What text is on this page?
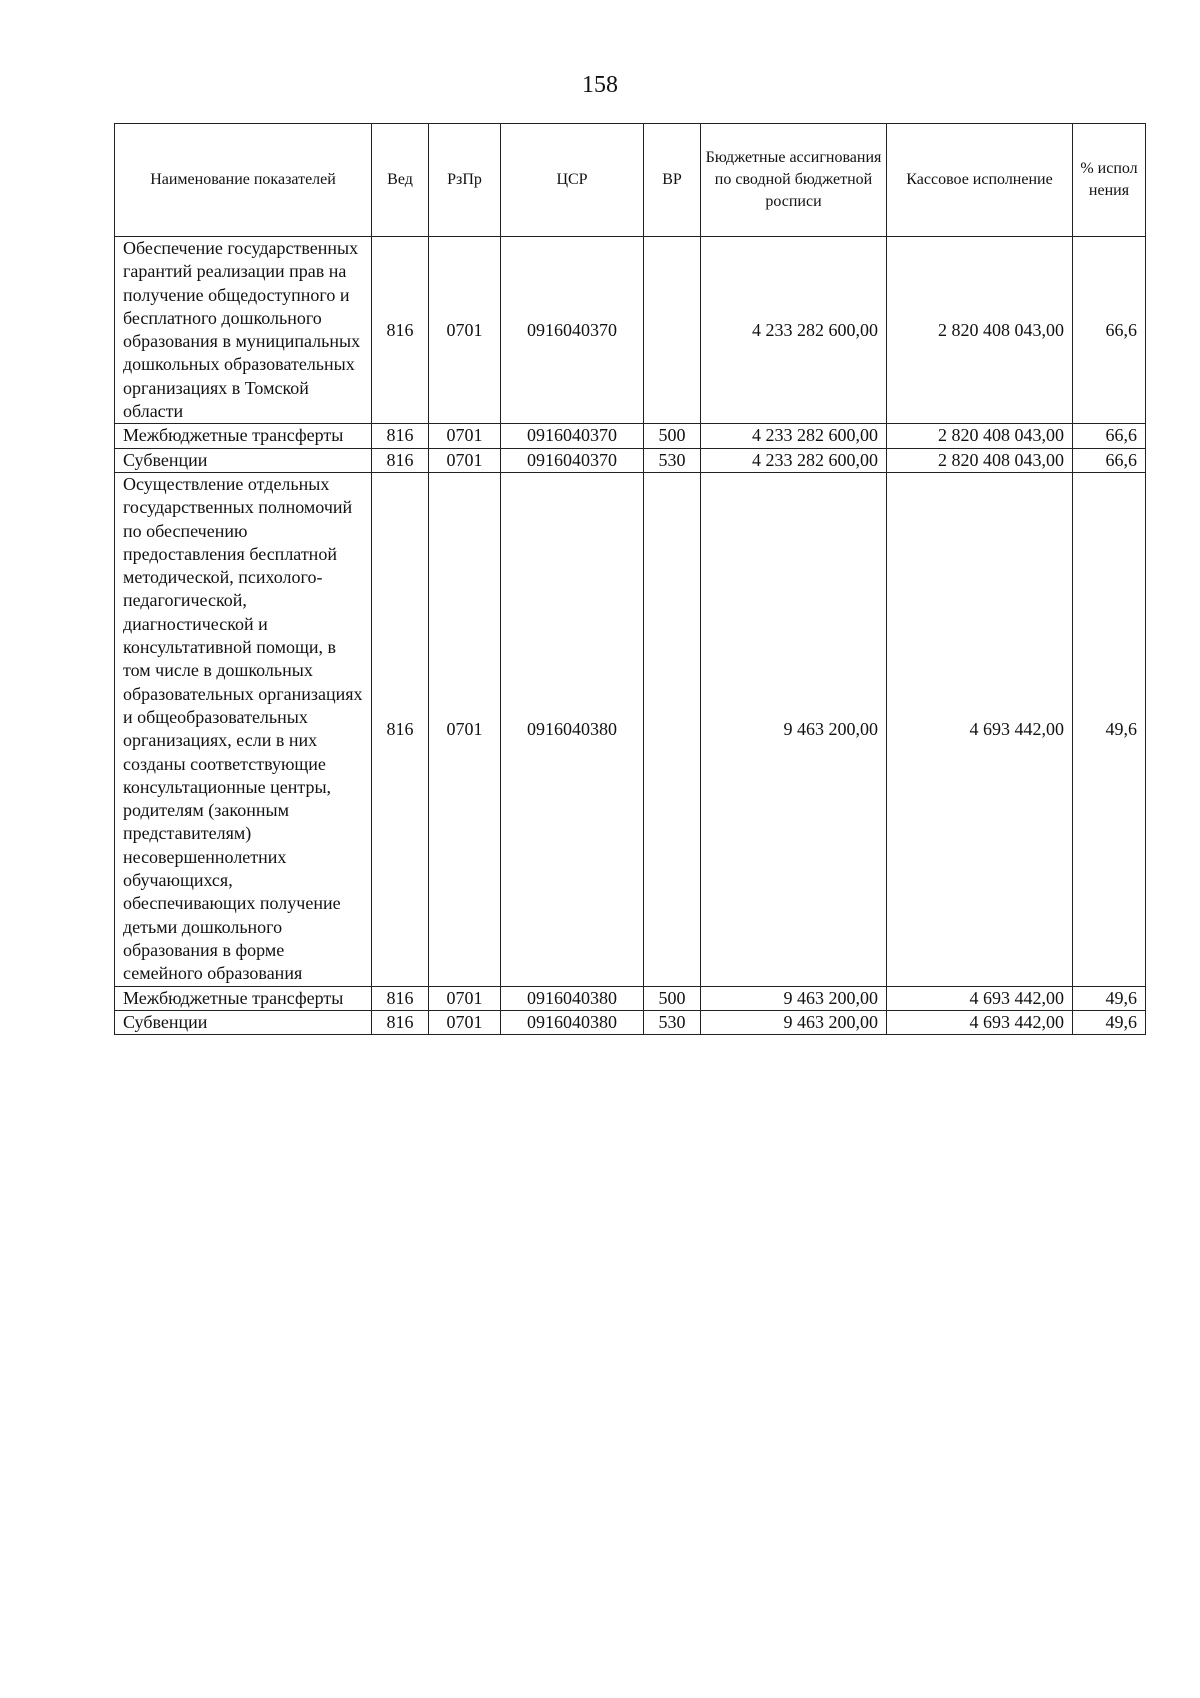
158
Наименование показателей	Вед	РзПр	ЦСР	ВР	Бюджетные ассигнования по сводной бюджетной росписи	Кассовое исполнение	% испол нения
Обеспечение государственных гарантий реализации прав на получение общедоступного и бесплатного дошкольного образования в муниципальных дошкольных образовательных организациях в Томской области	816	0701	0916040370		4 233 282 600,00	2 820 408 043,00	66,6
Межбюджетные трансферты	816	0701	0916040370	500	4 233 282 600,00	2 820 408 043,00	66,6
Субвенции	816	0701	0916040370	530	4 233 282 600,00	2 820 408 043,00	66,6
Осуществление отдельных государственных полномочий по обеспечению предоставления бесплатной методической, психолого-педагогической, диагностической и консультативной помощи, в том числе в дошкольных образовательных организациях и общеобразовательных организациях, если в них созданы соответствующие консультационные центры, родителям (законным представителям) несовершеннолетних обучающихся, обеспечивающих получение детьми дошкольного образования в форме семейного образования	816	0701	0916040380		9 463 200,00	4 693 442,00	49,6
Межбюджетные трансферты	816	0701	0916040380	500	9 463 200,00	4 693 442,00	49,6
Субвенции	816	0701	0916040380	530	9 463 200,00	4 693 442,00	49,6
